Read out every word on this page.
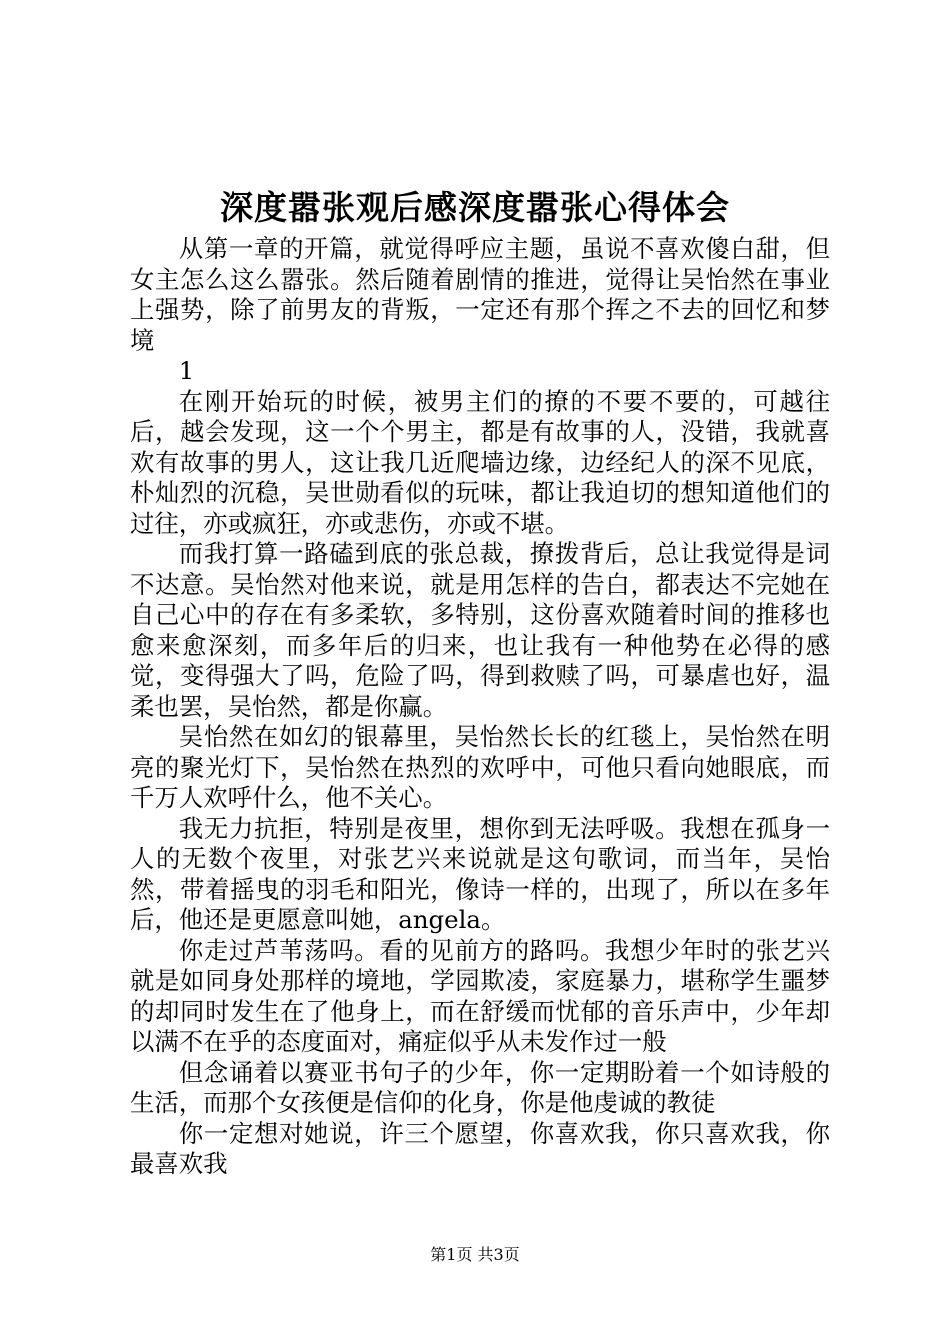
深度嚣张观后感深度嚣张心得体会

从第一章的开篇，就觉得呼应主题，虽说不喜欢傻白甜，但女主怎么这么嚣张。然后随着剧情的推进，觉得让吴怡然在事业上强势，除了前男友的背叛，一定还有那个挥之不去的回忆和梦境

1

在刚开始玩的时候，被男主们的撩的不要不要的，可越往后，越会发现，这一个个男主，都是有故事的人，没错，我就喜欢有故事的男人，这让我几近爬墙边缘，边经纪人的深不见底，朴灿烈的沉稳，吴世勋看似的玩味，都让我迫切的想知道他们的过往，亦或疯狂，亦或悲伤，亦或不堪。

而我打算一路磕到底的张总裁，撩拨背后，总让我觉得是词不达意。吴怡然对他来说，就是用怎样的告白，都表达不完她在自己心中的存在有多柔软，多特别，这份喜欢随着时间的推移也愈来愈深刻，而多年后的归来，也让我有一种他势在必得的感觉，变得强大了吗，危险了吗，得到救赎了吗，可暴虐也好，温柔也罢，吴怡然，都是你赢。

吴怡然在如幻的银幕里，吴怡然长长的红毯上，吴怡然在明亮的聚光灯下，吴怡然在热烈的欢呼中，可他只看向她眼底，而千万人欢呼什么，他不关心。

我无力抗拒，特别是夜里，想你到无法呼吸。我想在孤身一人的无数个夜里，对张艺兴来说就是这句歌词，而当年，吴怡然，带着摇曳的羽毛和阳光，像诗一样的，出现了，所以在多年后，他还是更愿意叫她，angela。

你走过芦苇荡吗。看的见前方的路吗。我想少年时的张艺兴就是如同身处那样的境地，学园欺凌，家庭暴力，堪称学生噩梦的却同时发生在了他身上，而在舒缓而忧郁的音乐声中，少年却以满不在乎的态度面对，痛症似乎从未发作过一般

但念诵着以赛亚书句子的少年，你一定期盼着一个如诗般的生活，而那个女孩便是信仰的化身，你是他虔诚的教徒

你一定想对她说，许三个愿望，你喜欢我，你只喜欢我，你最喜欢我

第1页 共3页
